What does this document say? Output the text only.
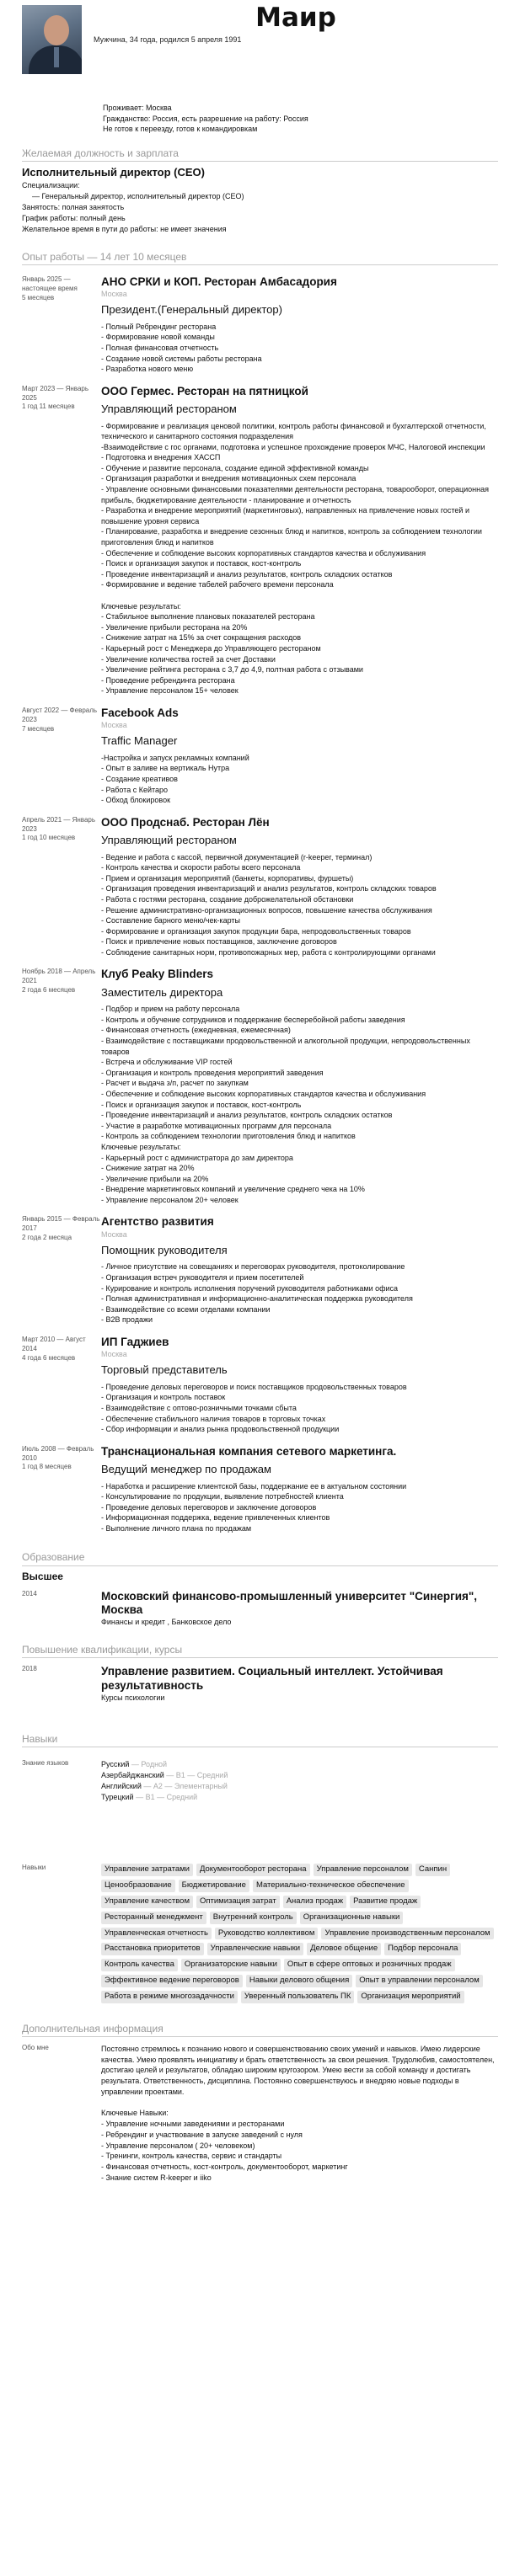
Маир
Мужчина, 34 года, родился 5 апреля 1991
Проживает: Москва
Гражданство: Россия, есть разрешение на работу: Россия
Не готов к переезду, готов к командировкам
Желаемая должность и зарплата
Исполнительный директор (CEO)
Специализации:
— Генеральный директор, исполнительный директор (CEO)
Занятость: полная занятость
График работы: полный день
Желательное время в пути до работы: не имеет значения
Опыт работы — 14 лет 10 месяцев
Январь 2025 — настоящее время
5 месяцев
АНО СРКИ и КОП. Ресторан Амбасадория
Москва
Президент.(Генеральный директор)
- Полный Ребрендинг ресторана
- Формирование новой команды
- Полная финансовая отчетность
- Создание новой системы работы ресторана
- Разработка нового меню
Март 2023 — Январь 2025
1 год 11 месяцев
ООО Гермес. Ресторан на пятницкой
Управляющий рестораном
- Формирование и реализация ценовой политики, контроль работы финансовой и бухгалтерской отчетности, технического и санитарного состояния подразделения
-Взаимодействие с гос органами, подготовка и успешное прохождение проверок МЧС, Налоговой инспекции
- Подготовка и внедрения ХАССП
- Обучение и развитие персонала, создание единой эффективной команды
- Организация разработки и внедрения мотивационных схем персонала
- Управление основными финансовыми показателями деятельности ресторана, товарооборот, операционная прибыль, бюджетирование деятельности - планирование и отчетность
- Разработка и внедрение мероприятий (маркетинговых), направленных на привлечение новых гостей и повышение уровня сервиса
- Планирование, разработка и внедрение сезонных блюд и напитков, контроль за соблюдением технологии приготовления блюд и напитков
- Обеспечение и соблюдение высоких корпоративных стандартов качества и обслуживания
- Поиск и организация закупок и поставок, кост-контроль
- Проведение инвентаризаций и анализ результатов, контроль складских остатков
- Формирование и ведение табелей рабочего времени персонала

Ключевые результаты:
- Стабильное выполнение плановых показателей ресторана
- Увеличение прибыли ресторана на 20%
- Снижение затрат на 15% за счет сокращения расходов
- Карьерный рост с Менеджера до Управляющего рестораном
- Увеличение количества гостей за счет Доставки
- Увеличение рейтинга ресторана с 3,7 до 4,9, полтная работа с отзывами
- Проведение ребрендинга ресторана
- Управление персоналом 15+ человек
Август 2022 — Февраль 2023
7 месяцев
Facebook Ads
Москва
Traffic Manager
-Настройка и запуск рекламных компаний
- Опыт в заливе на вертикаль Нутра
- Создание креативов
- Работа с Кейтаро
- Обход блокировок
Апрель 2021 — Январь 2023
1 год 10 месяцев
ООО Продснаб. Ресторан Лён
Управляющий рестораном
- Ведение и работа с кассой, первичной документацией (r-keeper, терминал)
- Контроль качества и скорости работы всего персонала
- Прием и организация мероприятий (банкеты, корпоративы, фуршеты)
- Организация проведения инвентаризаций и анализ результатов, контроль складских товаров
- Работа с гостями ресторана, создание доброжелательной обстановки
- Решение административно-организационных вопросов, повышение качества обслуживания
- Составление барного меню/чек-карты
- Формирование и организация закупок продукции бара, непродовольственных товаров
- Поиск и привлечение новых поставщиков, заключение договоров
- Соблюдение санитарных норм, противопожарных мер, работа с контролирующими органами
Ноябрь 2018 — Апрель 2021
2 года 6 месяцев
Клуб Peaky Blinders
Заместитель директора
- Подбор и прием на работу персонала
- Контроль и обучение сотрудников и поддержание бесперебойной работы заведения
- Финансовая отчетность (ежедневная, ежемесячная)
- Взаимодействие с поставщиками продовольственной и алкогольной продукции, непродовольственных товаров
- Встреча и обслуживание VIP гостей
- Организация и контроль проведения мероприятий заведения
- Расчет и выдача з/п, расчет по закупкам
- Обеспечение и соблюдение высоких корпоративных стандартов качества и обслуживания
- Поиск и организация закупок и поставок, кост-контроль
- Проведение инвентаризаций и анализ результатов, контроль складских остатков
- Участие в разработке мотивационных программ для персонала
- Контроль за соблюдением технологии приготовления блюд и напитков
Ключевые результаты:
- Карьерный рост с администратора до зам директора
- Снижение затрат на 20%
- Увеличение прибыли на 20%
- Внедрение маркетинговых компаний и увеличение среднего чека на 10%
- Управление персоналом 20+ человек
Январь 2015 — Февраль 2017
2 года 2 месяца
Агентство развития
Москва
Помощник руководителя
- Личное присутствие на совещаниях и переговорах руководителя, протоколирование
- Организация встреч руководителя и прием посетителей
- Курирование и контроль исполнения поручений руководителя работниками офиса
- Полная административная и информационно-аналитическая поддержка руководителя
- Взаимодействие со всеми отделами компании
- B2B продажи
Март 2010 — Август 2014
4 года 6 месяцев
ИП Гаджиев
Москва
Торговый представитель
- Проведение деловых переговоров и поиск поставщиков продовольственных товаров
- Организация и контроль поставок
- Взаимодействие с оптово-розничными точками сбыта
- Обеспечение стабильного наличия товаров в торговых точках
- Сбор информации и анализ рынка продовольственной продукции
Июль 2008 — Февраль 2010
1 год 8 месяцев
Транснациональная компания сетевого маркетинга.
Ведущий менеджер по продажам
- Наработка и расширение клиентской базы, поддержание ее в актуальном состоянии
- Консультирование по продукции, выявление потребностей клиента
- Проведение деловых переговоров и заключение договоров
- Информационная поддержка, ведение привлеченных клиентов
- Выполнение личного плана по продажам
Образование
Высшее
2014	Московский финансово-промышленный университет "Синергия", Москва
Финансы и кредит , Банковское дело
Повышение квалификации, курсы
2018	Управление развитием. Социальный интеллект. Устойчивая результативность
Курсы психологии
Навыки
Знание языков	Русский — Родной
Азербайджанский — B1 — Средний
Английский — A2 — Элементарный
Турецкий — B1 — Средний
Навыки	Управление затратами	Документооборот ресторана	Управление персоналом	Санпин
Ценообразование	Бюджетирование	Материально-техническое обеспечение
Управление качеством	Оптимизация затрат	Анализ продаж	Развитие продаж
Ресторанный менеджмент	Внутренний контроль	Организационные навыки
Управленческая отчетность	Руководство коллективом	Управление производственным персоналом
Расстановка приоритетов	Управленческие навыки	Деловое общение	Подбор персонала
Контроль качества	Организаторские навыки	Опыт в сфере оптовых и розничных продаж
Эффективное ведение переговоров	Навыки делового общения	Опыт в управлении персоналом
Работа в режиме многозадачности	Уверенный пользователь ПК	Организация мероприятий
Дополнительная информация
Обо мне	Постоянно стремлюсь к познанию нового и совершенствованию своих умений и навыков. Имею лидерские качества. Умею проявлять инициативу и брать ответственность за свои решения. Трудолюбив, самостоятелен, достигаю целей и результатов, обладаю широким кругозором. Умею вести за собой команду и достигать результата. Ответственность, дисциплина. Постоянно совершенствуюсь и внедряю новые подходы в управлении проектами.

Ключевые Навыки:
- Управление ночными заведениями и ресторанами
- Ребрендинг и участвование в запуске заведений с нуля
- Управление персоналом ( 20+ человеком)
- Тренинги, контроль качества, сервис и стандарты
- Финансовая отчетность, кост-контроль, документооборот, маркетинг
- Знание систем R-keeper и iiko
